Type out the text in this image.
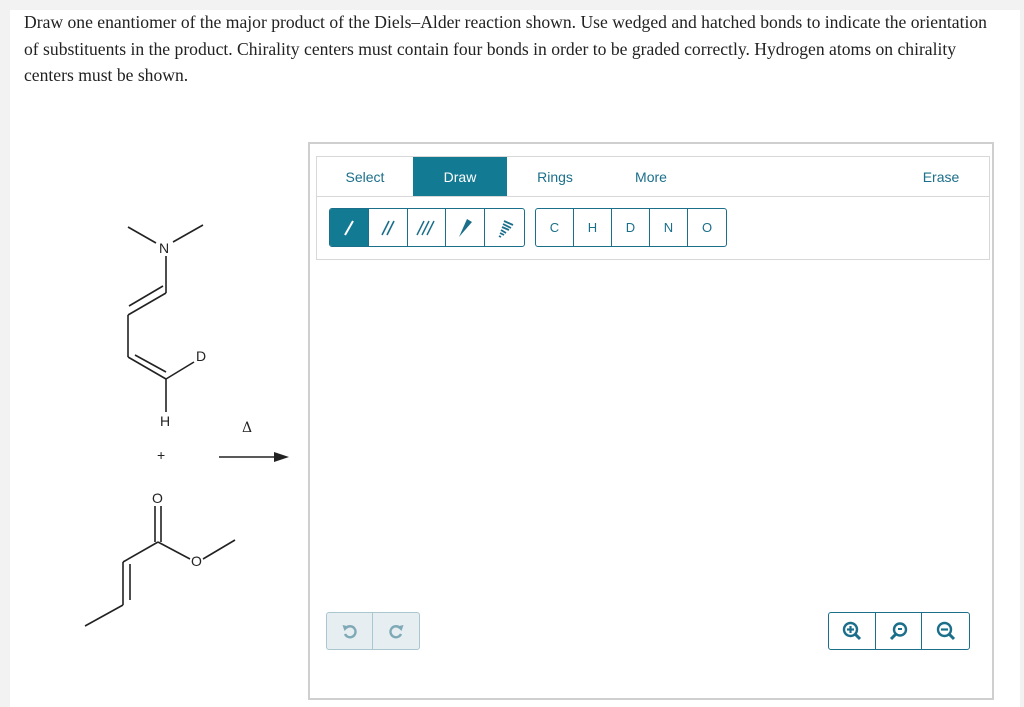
Draw one enantiomer of the major product of the Diels–Alder reaction shown. Use wedged and hatched bonds to indicate the orientation of substituents in the product. Chirality centers must contain four bonds in order to be graded correctly. Hydrogen atoms on chirality centers must be shown.
N
D
H
+
O
O
Δ
Select	Draw	Rings	More	Erase
C	H	D	N	O
